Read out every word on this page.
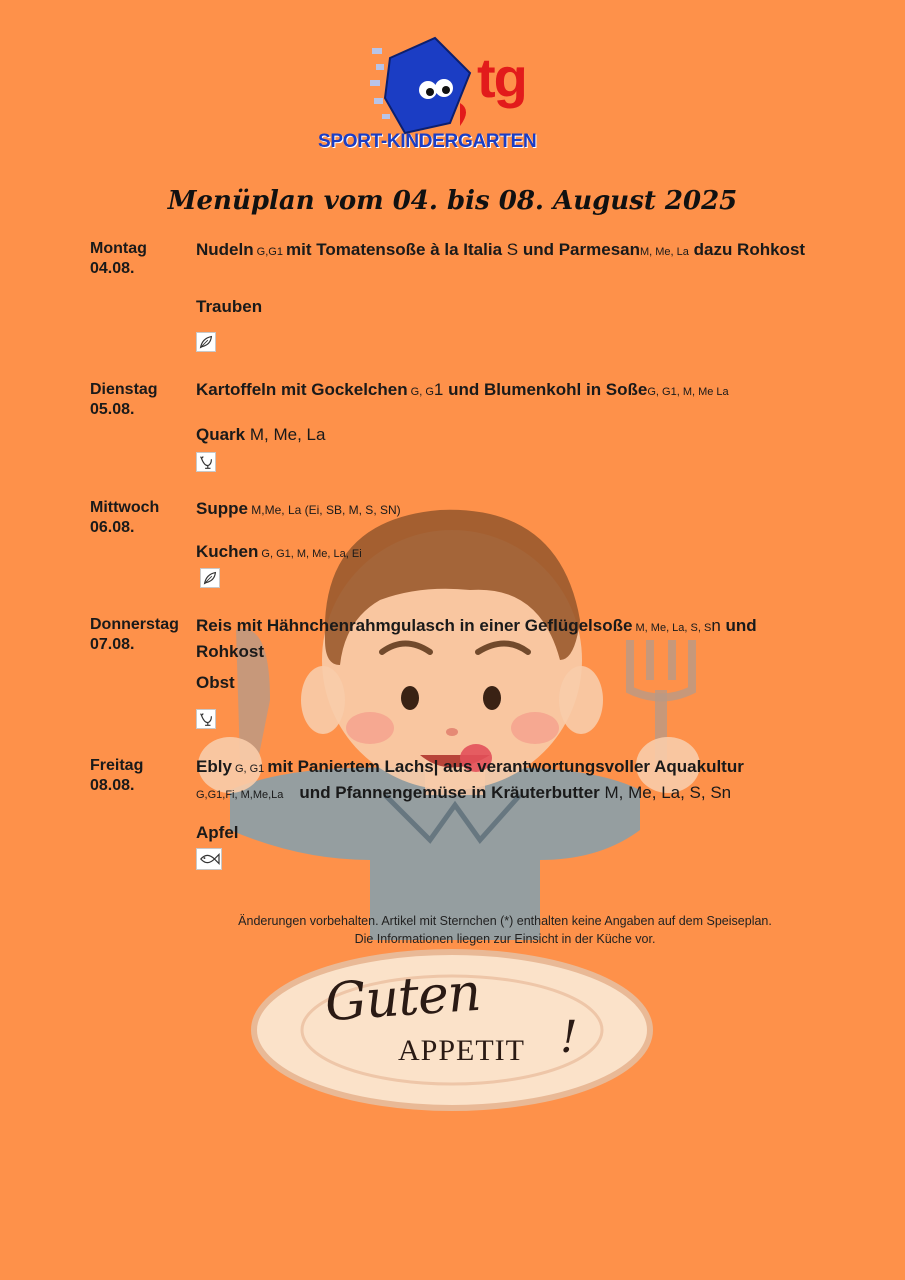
tg
SPORT-KINDERGARTEN
Menüplan vom 04. bis 08. August 2025
Montag
04.08.
Nudeln G,G1 mit Tomatensoße à la Italia S und ParmesanM, Me, La dazu Rohkost
Trauben
Dienstag
05.08.
Kartoffeln mit Gockelchen G, G1 und Blumenkohl in SoßeG, G1, M, Me La
Quark M, Me, La
Mittwoch
06.08.
Suppe M,Me, La (Ei, SB, M, S, SN)
Kuchen G, G1, M, Me, La, Ei
Donnerstag
07.08.
Reis mit Hähnchenrahmgulasch in einer Geflügelsoße M, Me, La, S, Sn und Rohkost
Obst
Freitag
08.08.
Ebly G, G1 mit Paniertem Lachs| aus verantwortungsvoller Aquakultur
G,G1,Fi, M,Me,La und Pfannengemüse in Kräuterbutter M, Me, La, S, Sn
Apfel
Änderungen vorbehalten. Artikel mit Sternchen (*) enthalten keine Angaben auf dem Speiseplan.
Die Informationen liegen zur Einsicht in der Küche vor.
Guten
APPETIT !
